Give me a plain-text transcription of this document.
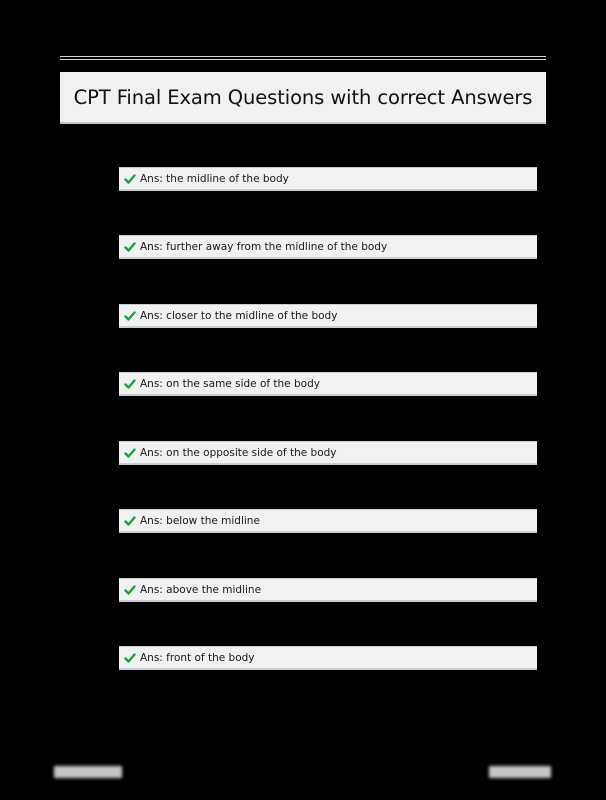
CPT Final Exam Questions with correct Answers
Ans: the midline of the body
Ans: further away from the midline of the body
Ans: closer to the midline of the body
Ans: on the same side of the body
Ans: on the opposite side of the body
Ans: below the midline
Ans: above the midline
Ans: front of the body
